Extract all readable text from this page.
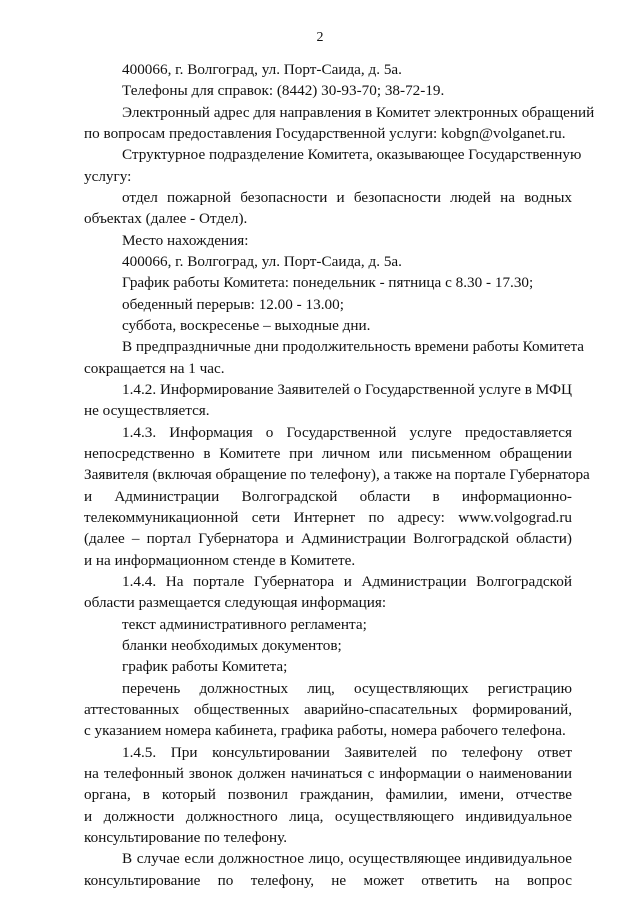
2
400066, г. Волгоград, ул. Порт-Саида, д. 5а.
Телефоны для справок: (8442) 30-93-70; 38-72-19.
Электронный адрес для направления в Комитет электронных обращений
по вопросам предоставления Государственной услуги: kobgn@volganet.ru.
Структурное подразделение Комитета, оказывающее Государственную
услугу:
отдел пожарной безопасности и безопасности людей на водных
объектах (далее - Отдел).
Место нахождения:
400066, г. Волгоград, ул. Порт-Саида, д. 5а.
График работы Комитета: понедельник - пятница с 8.30 - 17.30;
обеденный перерыв: 12.00 - 13.00;
суббота, воскресенье – выходные дни.
В предпраздничные дни продолжительность времени работы Комитета
сокращается на 1 час.
1.4.2. Информирование Заявителей о Государственной услуге в МФЦ
не осуществляется.
1.4.3. Информация о Государственной услуге предоставляется
непосредственно в Комитете при личном или письменном обращении
Заявителя (включая обращение по телефону), а также на портале Губернатора
и Администрации Волгоградской области в информационно-
телекоммуникационной сети Интернет по адресу: www.volgograd.ru
(далее – портал Губернатора и Администрации Волгоградской области)
и на информационном стенде в Комитете.
1.4.4. На портале Губернатора и Администрации Волгоградской
области размещается следующая информация:
текст административного регламента;
бланки необходимых документов;
график работы Комитета;
перечень должностных лиц, осуществляющих регистрацию
аттестованных общественных аварийно-спасательных формирований,
с указанием номера кабинета, графика работы, номера рабочего телефона.
1.4.5. При консультировании Заявителей по телефону ответ
на телефонный звонок должен начинаться с информации о наименовании
органа, в который позвонил гражданин, фамилии, имени, отчестве
и должности должностного лица, осуществляющего индивидуальное
консультирование по телефону.
В случае если должностное лицо, осуществляющее индивидуальное
консультирование по телефону, не может ответить на вопрос
